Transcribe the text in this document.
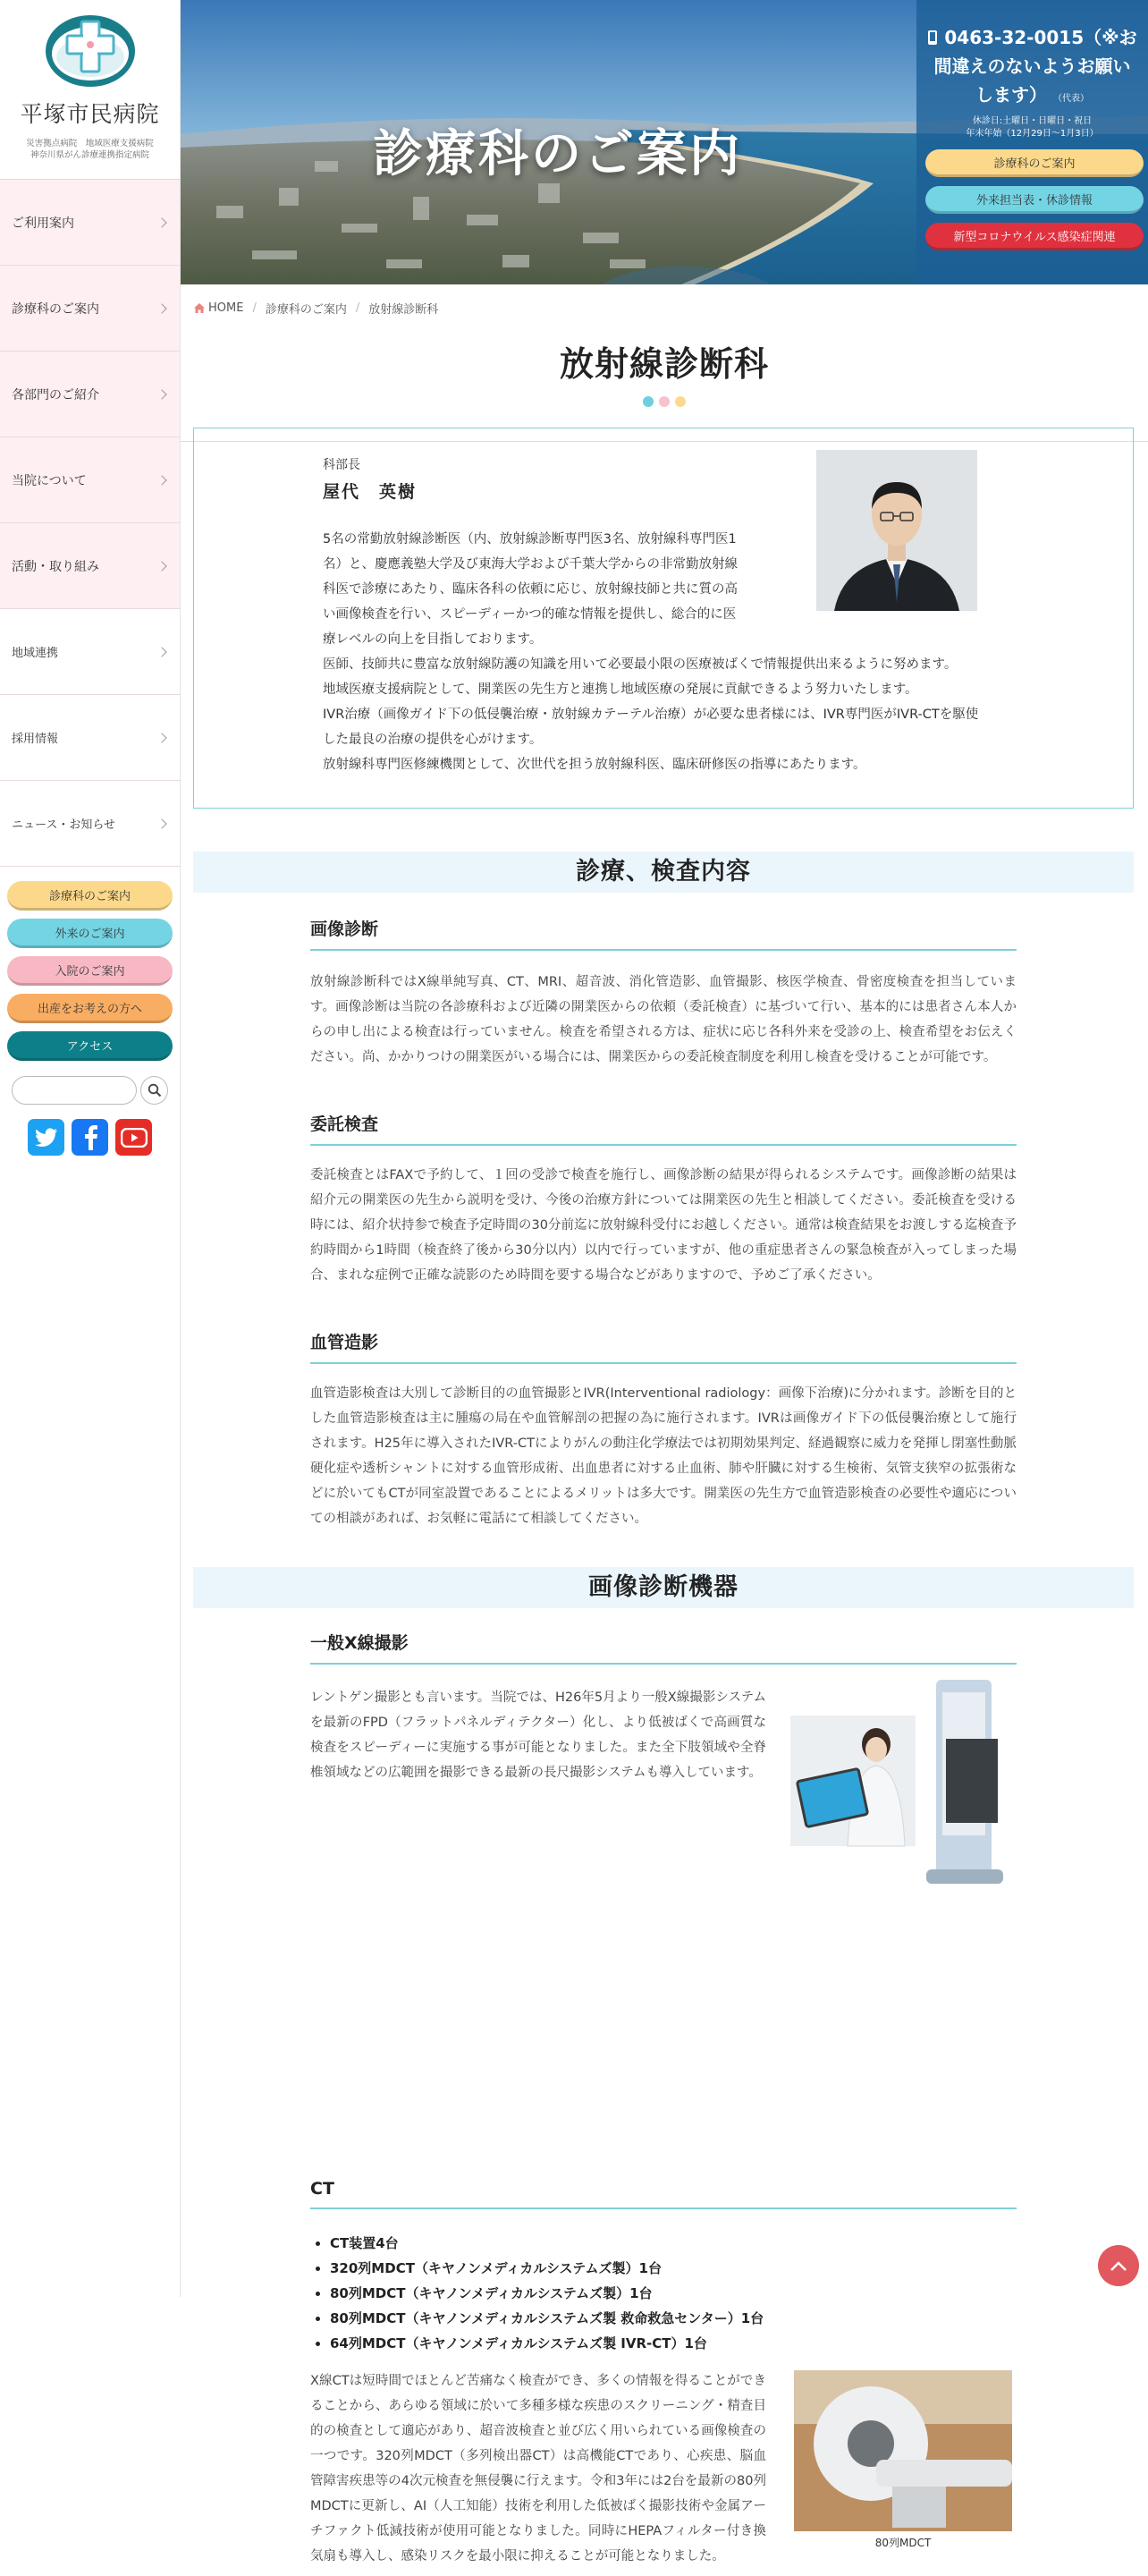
平塚市民病院
災害拠点病院　地域医療支援病院
神奈川県がん診療連携指定病院
ご利用案内
診療科のご案内
各部門のご紹介
当院について
活動・取り組み
地域連携
採用情報
ニュース・お知らせ
診療科のご案内
外来のご案内
入院のご案内
出産をお考えの方へ
アクセス
診療科のご案内
0463-32-0015（※お間違えのないようお願いします） （代表）
休診日:土曜日・日曜日・祝日
年末年始（12月29日〜1月3日）
診療科のご案内
外来担当表・休診情報
新型コロナウイルス感染症関連
HOME / 診療科のご案内 / 放射線診断科
放射線診断科
科部長
屋代　英樹
5名の常勤放射線診断医（内、放射線診断専門医3名、放射線科専門医1
名）と、慶應義塾大学及び東海大学および千葉大学からの非常勤放射線
科医で診療にあたり、臨床各科の依頼に応じ、放射線技師と共に質の高
い画像検査を行い、スピーディーかつ的確な情報を提供し、総合的に医
療レベルの向上を目指しております。
医師、技師共に豊富な放射線防護の知識を用いて必要最小限の医療被ばくで情報提供出来るように努めます。
地域医療支援病院として、開業医の先生方と連携し地域医療の発展に貢献できるよう努力いたします。
IVR治療（画像ガイド下の低侵襲治療・放射線カテーテル治療）が必要な患者様には、IVR専門医がIVR-CTを駆使した最良の治療の提供を心がけます。
放射線科専門医修練機関として、次世代を担う放射線科医、臨床研修医の指導にあたります。
診療、検査内容
画像診断
放射線診断科ではX線単純写真、CT、MRI、超音波、消化管造影、血管撮影、核医学検査、骨密度検査を担当しています。画像診断は当院の各診療科および近隣の開業医からの依頼（委託検査）に基づいて行い、基本的には患者さん本人からの申し出による検査は行っていません。検査を希望される方は、症状に応じ各科外来を受診の上、検査希望をお伝えください。尚、かかりつけの開業医がいる場合には、開業医からの委託検査制度を利用し検査を受けることが可能です。
委託検査
委託検査とはFAXで予約して、１回の受診で検査を施行し、画像診断の結果が得られるシステムです。画像診断の結果は紹介元の開業医の先生から説明を受け、今後の治療方針については開業医の先生と相談してください。委託検査を受ける時には、紹介状持参で検査予定時間の30分前迄に放射線科受付にお越しください。通常は検査結果をお渡しする迄検査予約時間から1時間（検査終了後から30分以内）以内で行っていますが、他の重症患者さんの緊急検査が入ってしまった場合、まれな症例で正確な読影のため時間を要する場合などがありますので、予めご了承ください。
血管造影
血管造影検査は大別して診断目的の血管撮影とIVR(Interventional radiology：画像下治療)に分かれます。診断を目的とした血管造影検査は主に腫瘍の局在や血管解剖の把握の為に施行されます。IVRは画像ガイド下の低侵襲治療として施行されます。H25年に導入されたIVR-CTによりがんの動注化学療法では初期効果判定、経過観察に威力を発揮し閉塞性動脈硬化症や透析シャントに対する血管形成術、出血患者に対する止血術、肺や肝臓に対する生検術、気管支狭窄の拡張術などに於いてもCTが同室設置であることによるメリットは多大です。開業医の先生方で血管造影検査の必要性や適応についての相談があれば、お気軽に電話にて相談してください。
画像診断機器
一般X線撮影
レントゲン撮影とも言います。当院では、H26年5月より一般X線撮影システムを最新のFPD（フラットパネルディテクター）化し、より低被ばくで高画質な検査をスピーディーに実施する事が可能となりました。また全下肢領域や全脊椎領域などの広範囲を撮影できる最新の長尺撮影システムも導入しています。
CT
• CT装置4台
• 320列MDCT（キヤノンメディカルシステムズ製）1台
• 80列MDCT（キヤノンメディカルシステムズ製）1台
• 80列MDCT（キヤノンメディカルシステムズ製 救命救急センター）1台
• 64列MDCT（キヤノンメディカルシステムズ製 IVR-CT）1台
X線CTは短時間でほとんど苦痛なく検査ができ、多くの情報を得ることができることから、あらゆる領域に於いて多種多様な疾患のスクリーニング・精査目的の検査として適応があり、超音波検査と並び広く用いられている画像検査の一つです。320列MDCT（多列検出器CT）は高機能CTであり、心疾患、脳血管障害疾患等の4次元検査を無侵襲に行えます。令和3年には2台を最新の80列MDCTに更新し、AI（人工知能）技術を利用した低被ばく撮影技術や金属アーチファクト低減技術が使用可能となりました。同時にHEPAフィルター付き換気扇も導入し、感染リスクを最小限に抑えることが可能となりました。
80列MDCT
